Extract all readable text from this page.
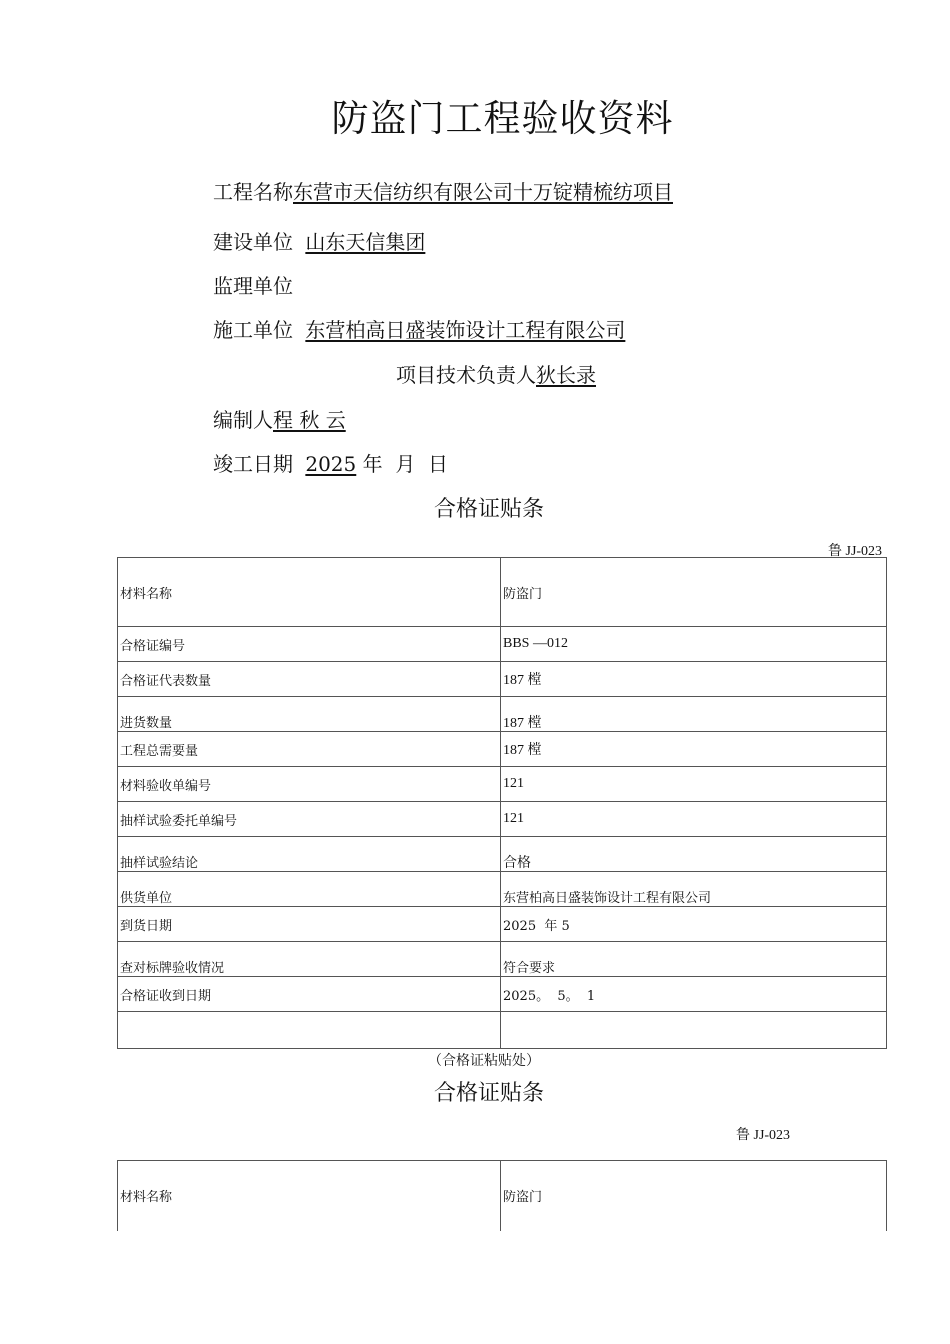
防盗门工程验收资料
工程名称东营市天信纺织有限公司十万锭精梳纺项目
建设单位 山东天信集团
监理单位
施工单位 东营柏高日盛装饰设计工程有限公司
项目技术负责人狄长录
编制人程 秋 云
竣工日期 2025 年  月  日
合格证贴条
鲁 JJ-023
材料名称	防盗门
合格证编号	BBS —012
合格证代表数量	187 樘
进货数量	187 樘
工程总需要量	187 樘
材料验收单编号	121
抽样试验委托单编号	121
抽样试验结论	合格
供货单位	东营柏高日盛装饰设计工程有限公司
到货日期	2025  年 5
查对标牌验收情况	符合要求
合格证收到日期	2025。  5。  1

（合格证粘贴处）
合格证贴条
鲁 JJ-023
材料名称	防盗门
